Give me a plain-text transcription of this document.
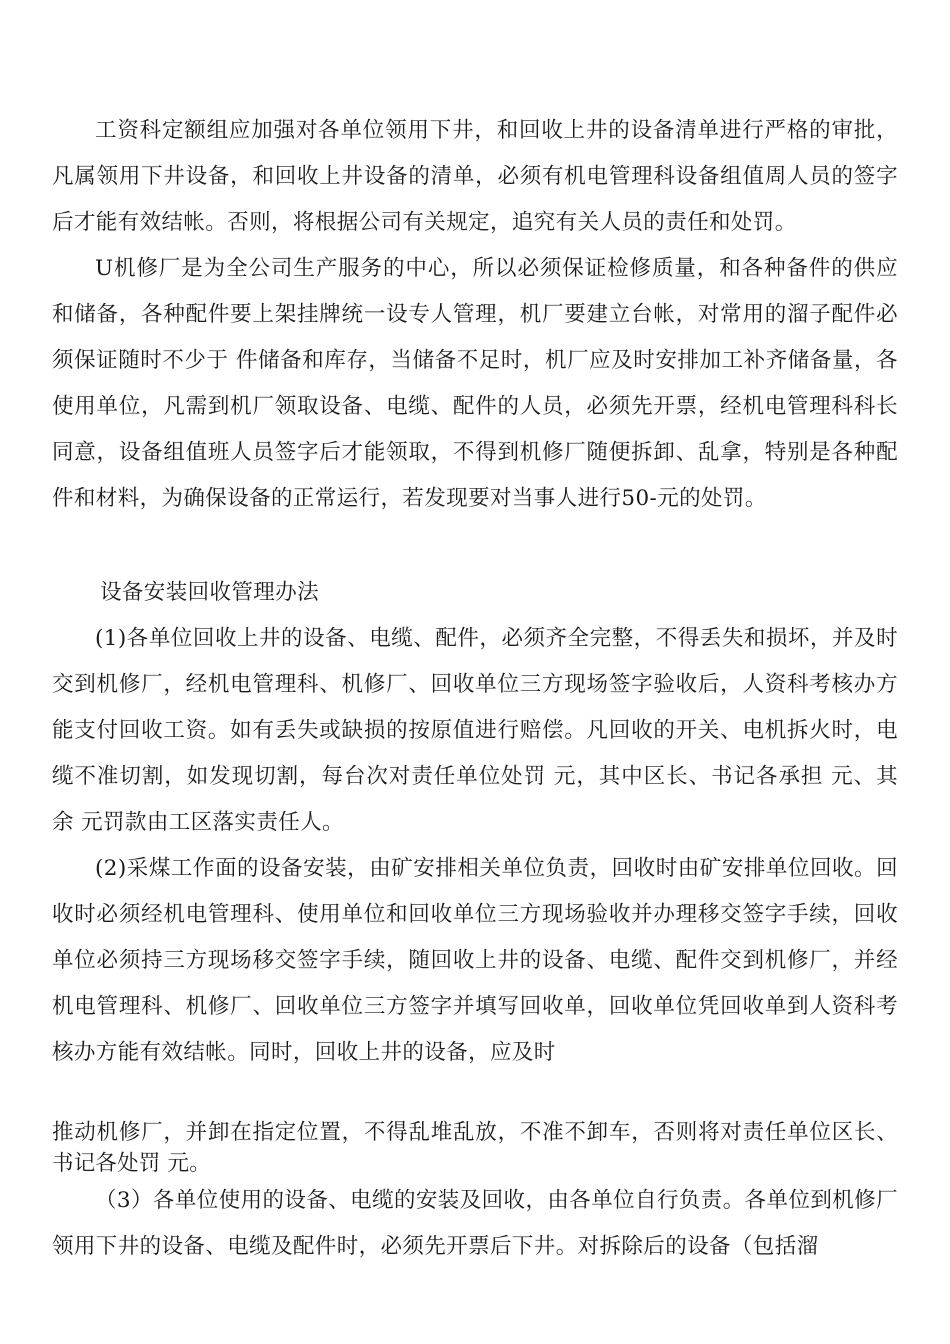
工资科定额组应加强对各单位领用下井，和回收上井的设备清单进行严格的审批，凡属领用下井设备，和回收上井设备的清单，必须有机电管理科设备组值周人员的签字后才能有效结帐。否则，将根据公司有关规定，追究有关人员的责任和处罚。

U机修厂是为全公司生产服务的中心，所以必须保证检修质量，和各种备件的供应和储备，各种配件要上架挂牌统一设专人管理，机厂要建立台帐，对常用的溜子配件必须保证随时不少于 件储备和库存，当储备不足时，机厂应及时安排加工补齐储备量，各使用单位，凡需到机厂领取设备、电缆、配件的人员，必须先开票，经机电管理科科长同意，设备组值班人员签字后才能领取，不得到机修厂随便拆卸、乱拿，特别是各种配件和材料，为确保设备的正常运行，若发现要对当事人进行50-元的处罚。

设备安装回收管理办法

(1)各单位回收上井的设备、电缆、配件，必须齐全完整，不得丢失和损坏，并及时交到机修厂，经机电管理科、机修厂、回收单位三方现场签字验收后，人资科考核办方能支付回收工资。如有丢失或缺损的按原值进行赔偿。凡回收的开关、电机拆火时，电缆不准切割，如发现切割，每台次对责任单位处罚 元，其中区长、书记各承担 元、其余 元罚款由工区落实责任人。

(2)采煤工作面的设备安装，由矿安排相关单位负责，回收时由矿安排单位回收。回收时必须经机电管理科、使用单位和回收单位三方现场验收并办理移交签字手续，回收单位必须持三方现场移交签字手续，随回收上井的设备、电缆、配件交到机修厂，并经机电管理科、机修厂、回收单位三方签字并填写回收单，回收单位凭回收单到人资科考核办方能有效结帐。同时，回收上井的设备，应及时

推动机修厂，并卸在指定位置，不得乱堆乱放，不准不卸车，否则将对责任单位区长、书记各处罚 元。

（3）各单位使用的设备、电缆的安装及回收，由各单位自行负责。各单位到机修厂领用下井的设备、电缆及配件时，必须先开票后下井。对拆除后的设备（包括溜
